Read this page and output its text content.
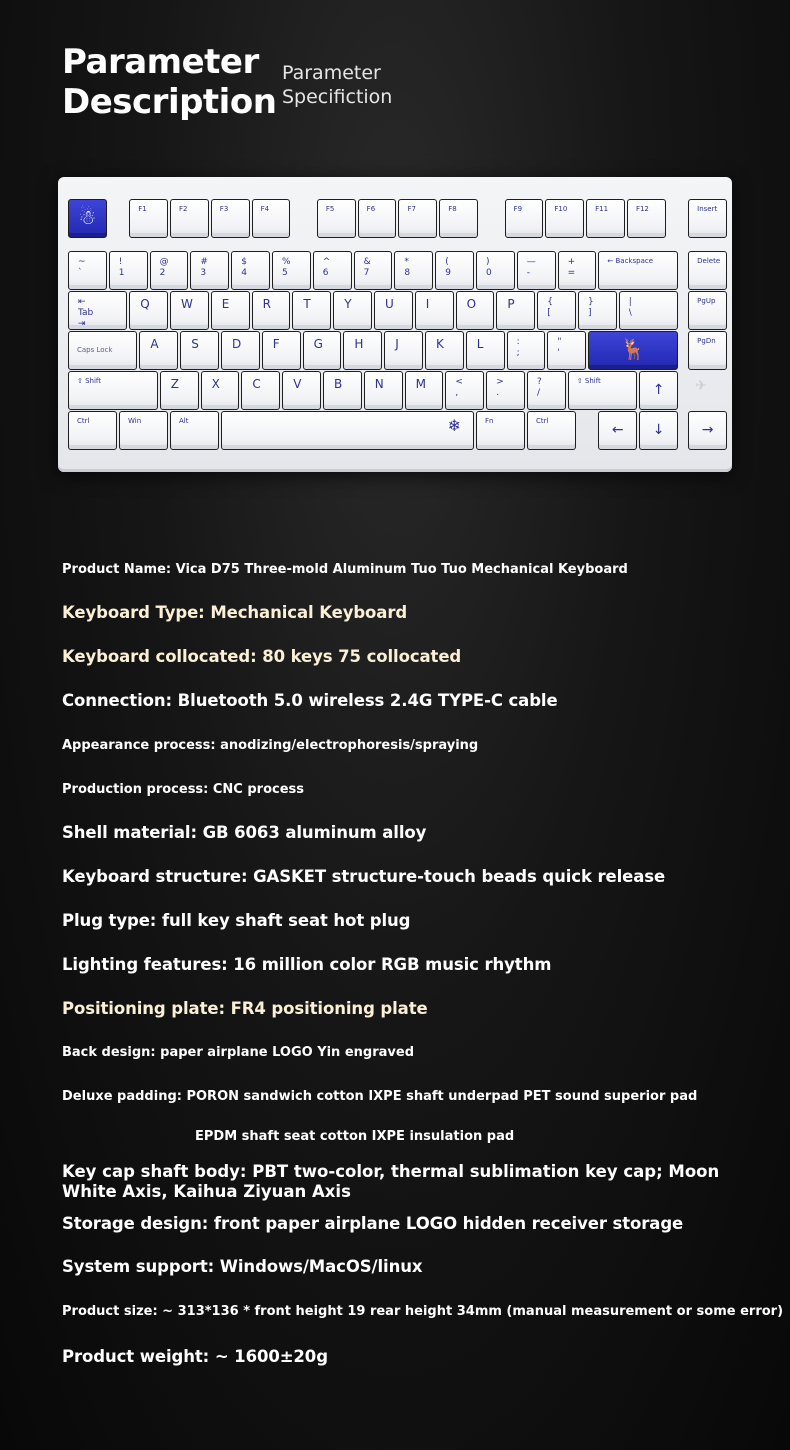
Parameter
Description
Parameter
Specifiction
✈
☃	F1	F2	F3	F4	F5	F6	F7	F8	F9	F10	F11	F12	Insert
~
`
!
1
@
2
#
3
$
4
%
5
^
6
&
7
*
8
(
9
)
0
—
-
+
=
← Backspace	Delete
⇤
Tab
⇥
Q	W	E	R	T	Y	U	I	O	P	{
[
}
]
|
\
PgUp
Caps Lock	A	S	D	F	G	H	J	K	L	:
;
"
'	🦌	PgDn
⇧ Shift	Z	X	C	V	B	N	M	<
,
>
.
?
/
⇧ Shift
↑
Ctrl	Win	Alt	❄	Fn	Ctrl
←	↓	→
Product Name: Vica D75 Three-mold Aluminum Tuo Tuo Mechanical Keyboard
Keyboard Type: Mechanical Keyboard
Keyboard collocated: 80 keys 75 collocated
Connection: Bluetooth 5.0 wireless 2.4G TYPE-C cable
Appearance process: anodizing/electrophoresis/spraying
Production process: CNC process
Shell material: GB 6063 aluminum alloy
Keyboard structure: GASKET structure-touch beads quick release
Plug type: full key shaft seat hot plug
Lighting features: 16 million color RGB music rhythm
Positioning plate: FR4 positioning plate
Back design: paper airplane LOGO Yin engraved
Deluxe padding: PORON sandwich cotton IXPE shaft underpad PET sound superior pad
EPDM shaft seat cotton IXPE insulation pad
Key cap shaft body: PBT two-color, thermal sublimation key cap; Moon White Axis, Kaihua Ziyuan Axis
Storage design: front paper airplane LOGO hidden receiver storage
System support: Windows/MacOS/linux
Product size: ~ 313*136 * front height 19 rear height 34mm (manual measurement or some error)
Product weight: ~ 1600±20g
